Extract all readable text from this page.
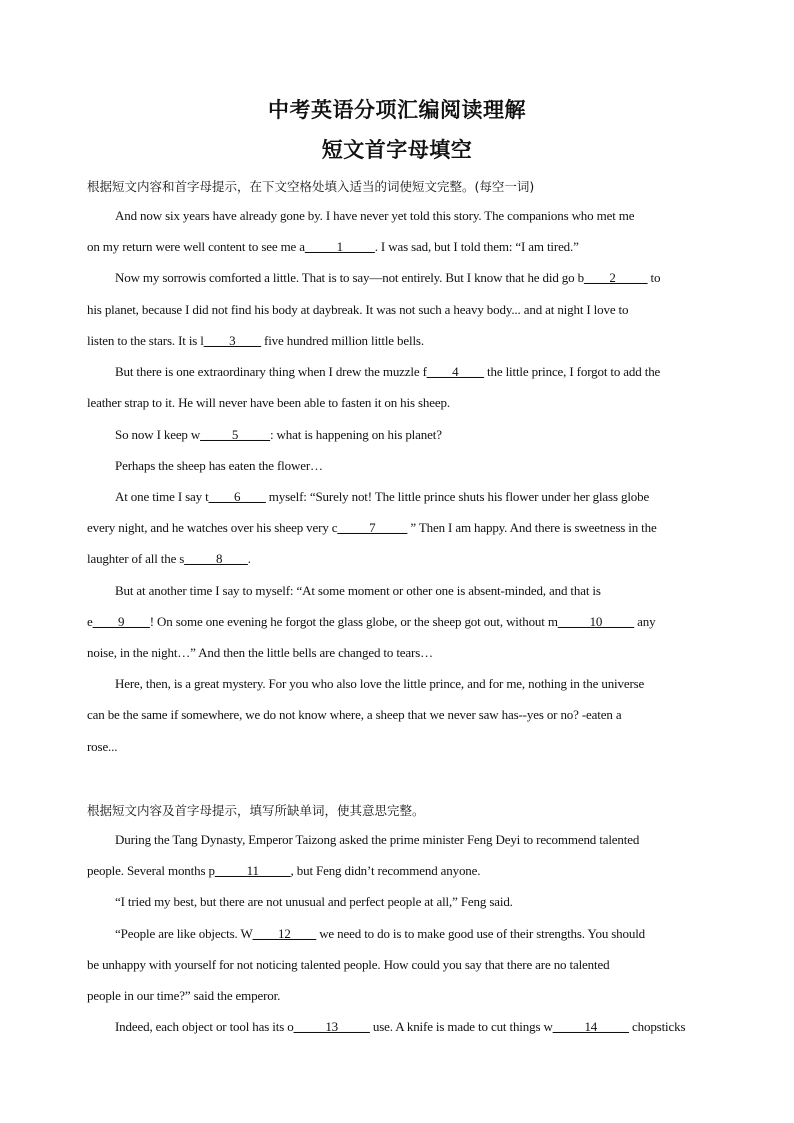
中考英语分项汇编阅读理解
短文首字母填空
根据短文内容和首字母提示，在下文空格处填入适当的词使短文完整。(每空一词)
And now six years have already gone by. I have never yet told this story. The companions who met me
on my return were well content to see me a_____1_____. I was sad, but I told them: “I am tired.”
Now my sorrowis comforted a little. That is to say—not entirely. But I know that he did go b____2_____ to
his planet, because I did not find his body at daybreak. It was not such a heavy body... and at night I love to
listen to the stars. It is l____3____ five hundred million little bells.
But there is one extraordinary thing when I drew the muzzle f____4____ the little prince, I forgot to add the
leather strap to it. He will never have been able to fasten it on his sheep.
So now I keep w_____5_____: what is happening on his planet?
Perhaps the sheep has eaten the flower…
At one time I say t____6____ myself: “Surely not! The little prince shuts his flower under her glass globe
every night, and he watches over his sheep very c_____7_____ ” Then I am happy. And there is sweetness in the
laughter of all the s_____8____.
But at another time I say to myself: “At some moment or other one is absent-minded, and that is
e____9____! On some one evening he forgot the glass globe, or the sheep got out, without m_____10_____ any
noise, in the night…” And then the little bells are changed to tears…
Here, then, is a great mystery. For you who also love the little prince, and for me, nothing in the universe
can be the same if somewhere, we do not know where, a sheep that we never saw has--yes or no? -eaten a
rose...
根据短文内容及首字母提示，填写所缺单词，使其意思完整。
During the Tang Dynasty, Emperor Taizong asked the prime minister Feng Deyi to recommend talented
people. Several months p_____11_____, but Feng didn’t recommend anyone.
“I tried my best, but there are not unusual and perfect people at all,” Feng said.
“People are like objects. W____12____ we need to do is to make good use of their strengths. You should
be unhappy with yourself for not noticing talented people. How could you say that there are no talented
people in our time?” said the emperor.
Indeed, each object or tool has its o_____13_____ use. A knife is made to cut things w_____14_____ chopsticks
